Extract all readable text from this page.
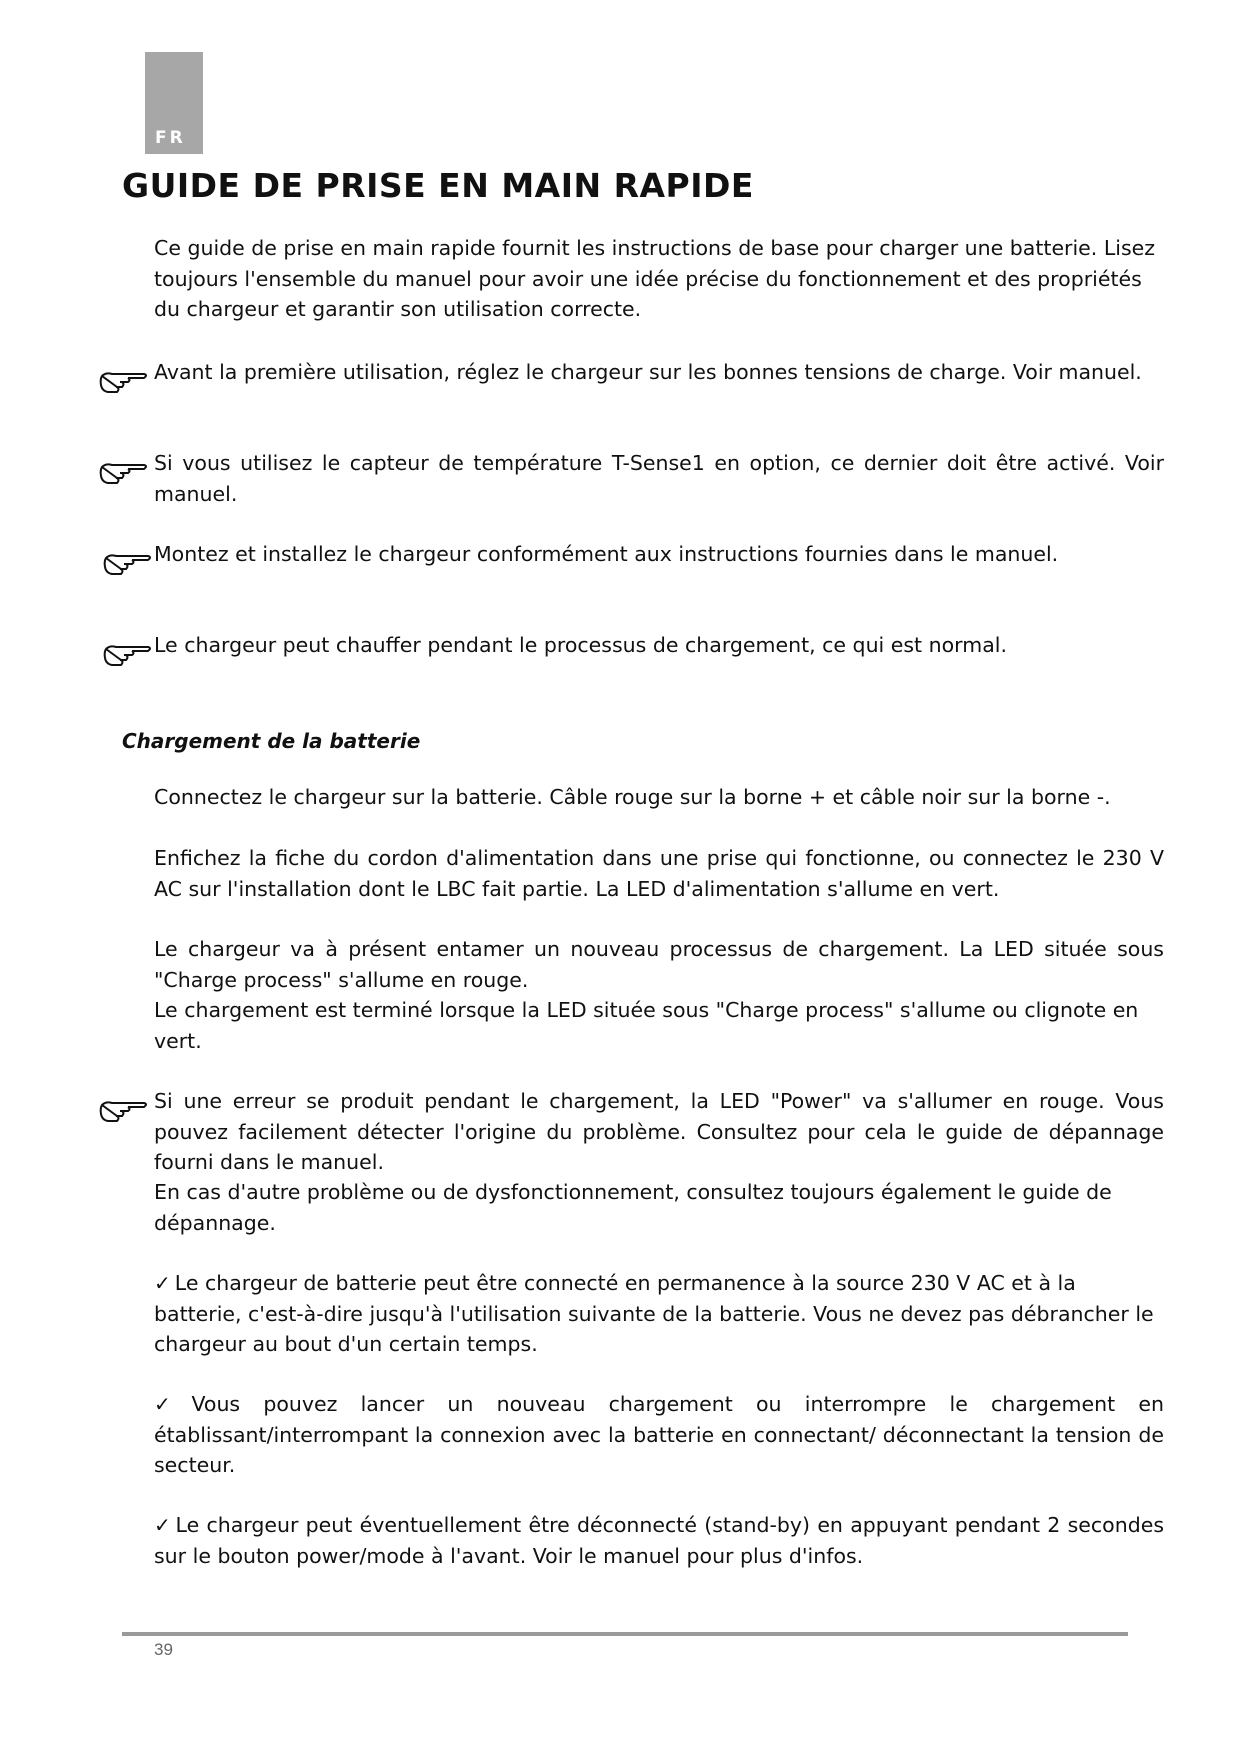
FR
GUIDE DE PRISE EN MAIN RAPIDE

Ce guide de prise en main rapide fournit les instructions de base pour charger une batterie. Lisez toujours l'ensemble du manuel pour avoir une idée précise du fonctionnement et des propriétés du chargeur et garantir son utilisation correcte.

Avant la première utilisation, réglez le chargeur sur les bonnes tensions de charge. Voir manuel.

Si vous utilisez le capteur de température T-Sense1 en option, ce dernier doit être activé. Voir manuel.

Montez et installez le chargeur conformément aux instructions fournies dans le manuel.

Le chargeur peut chauffer pendant le processus de chargement, ce qui est normal.

Chargement de la batterie

Connectez le chargeur sur la batterie. Câble rouge sur la borne + et câble noir sur la borne -.

Enfichez la fiche du cordon d'alimentation dans une prise qui fonctionne, ou connectez le 230 V AC sur l'installation dont le LBC fait partie. La LED d'alimentation s'allume en vert.

Le chargeur va à présent entamer un nouveau processus de chargement. La LED située sous "Charge process" s'allume en rouge.

Le chargement est terminé lorsque la LED située sous "Charge process" s'allume ou clignote en vert.

Si une erreur se produit pendant le chargement, la LED "Power" va s'allumer en rouge. Vous pouvez facilement détecter l'origine du problème. Consultez pour cela le guide de dépannage fourni dans le manuel.

En cas d'autre problème ou de dysfonctionnement, consultez toujours également le guide de dépannage.

✓ Le chargeur de batterie peut être connecté en permanence à la source 230 V AC et à la batterie, c'est-à-dire jusqu'à l'utilisation suivante de la batterie. Vous ne devez pas débrancher le chargeur au bout d'un certain temps.

✓ Vous pouvez lancer un nouveau chargement ou interrompre le chargement en établissant/interrompant la connexion avec la batterie en connectant/ déconnectant la tension de secteur.

✓ Le chargeur peut éventuellement être déconnecté (stand-by) en appuyant pendant 2 secondes sur le bouton power/mode à l'avant. Voir le manuel pour plus d'infos.

39
